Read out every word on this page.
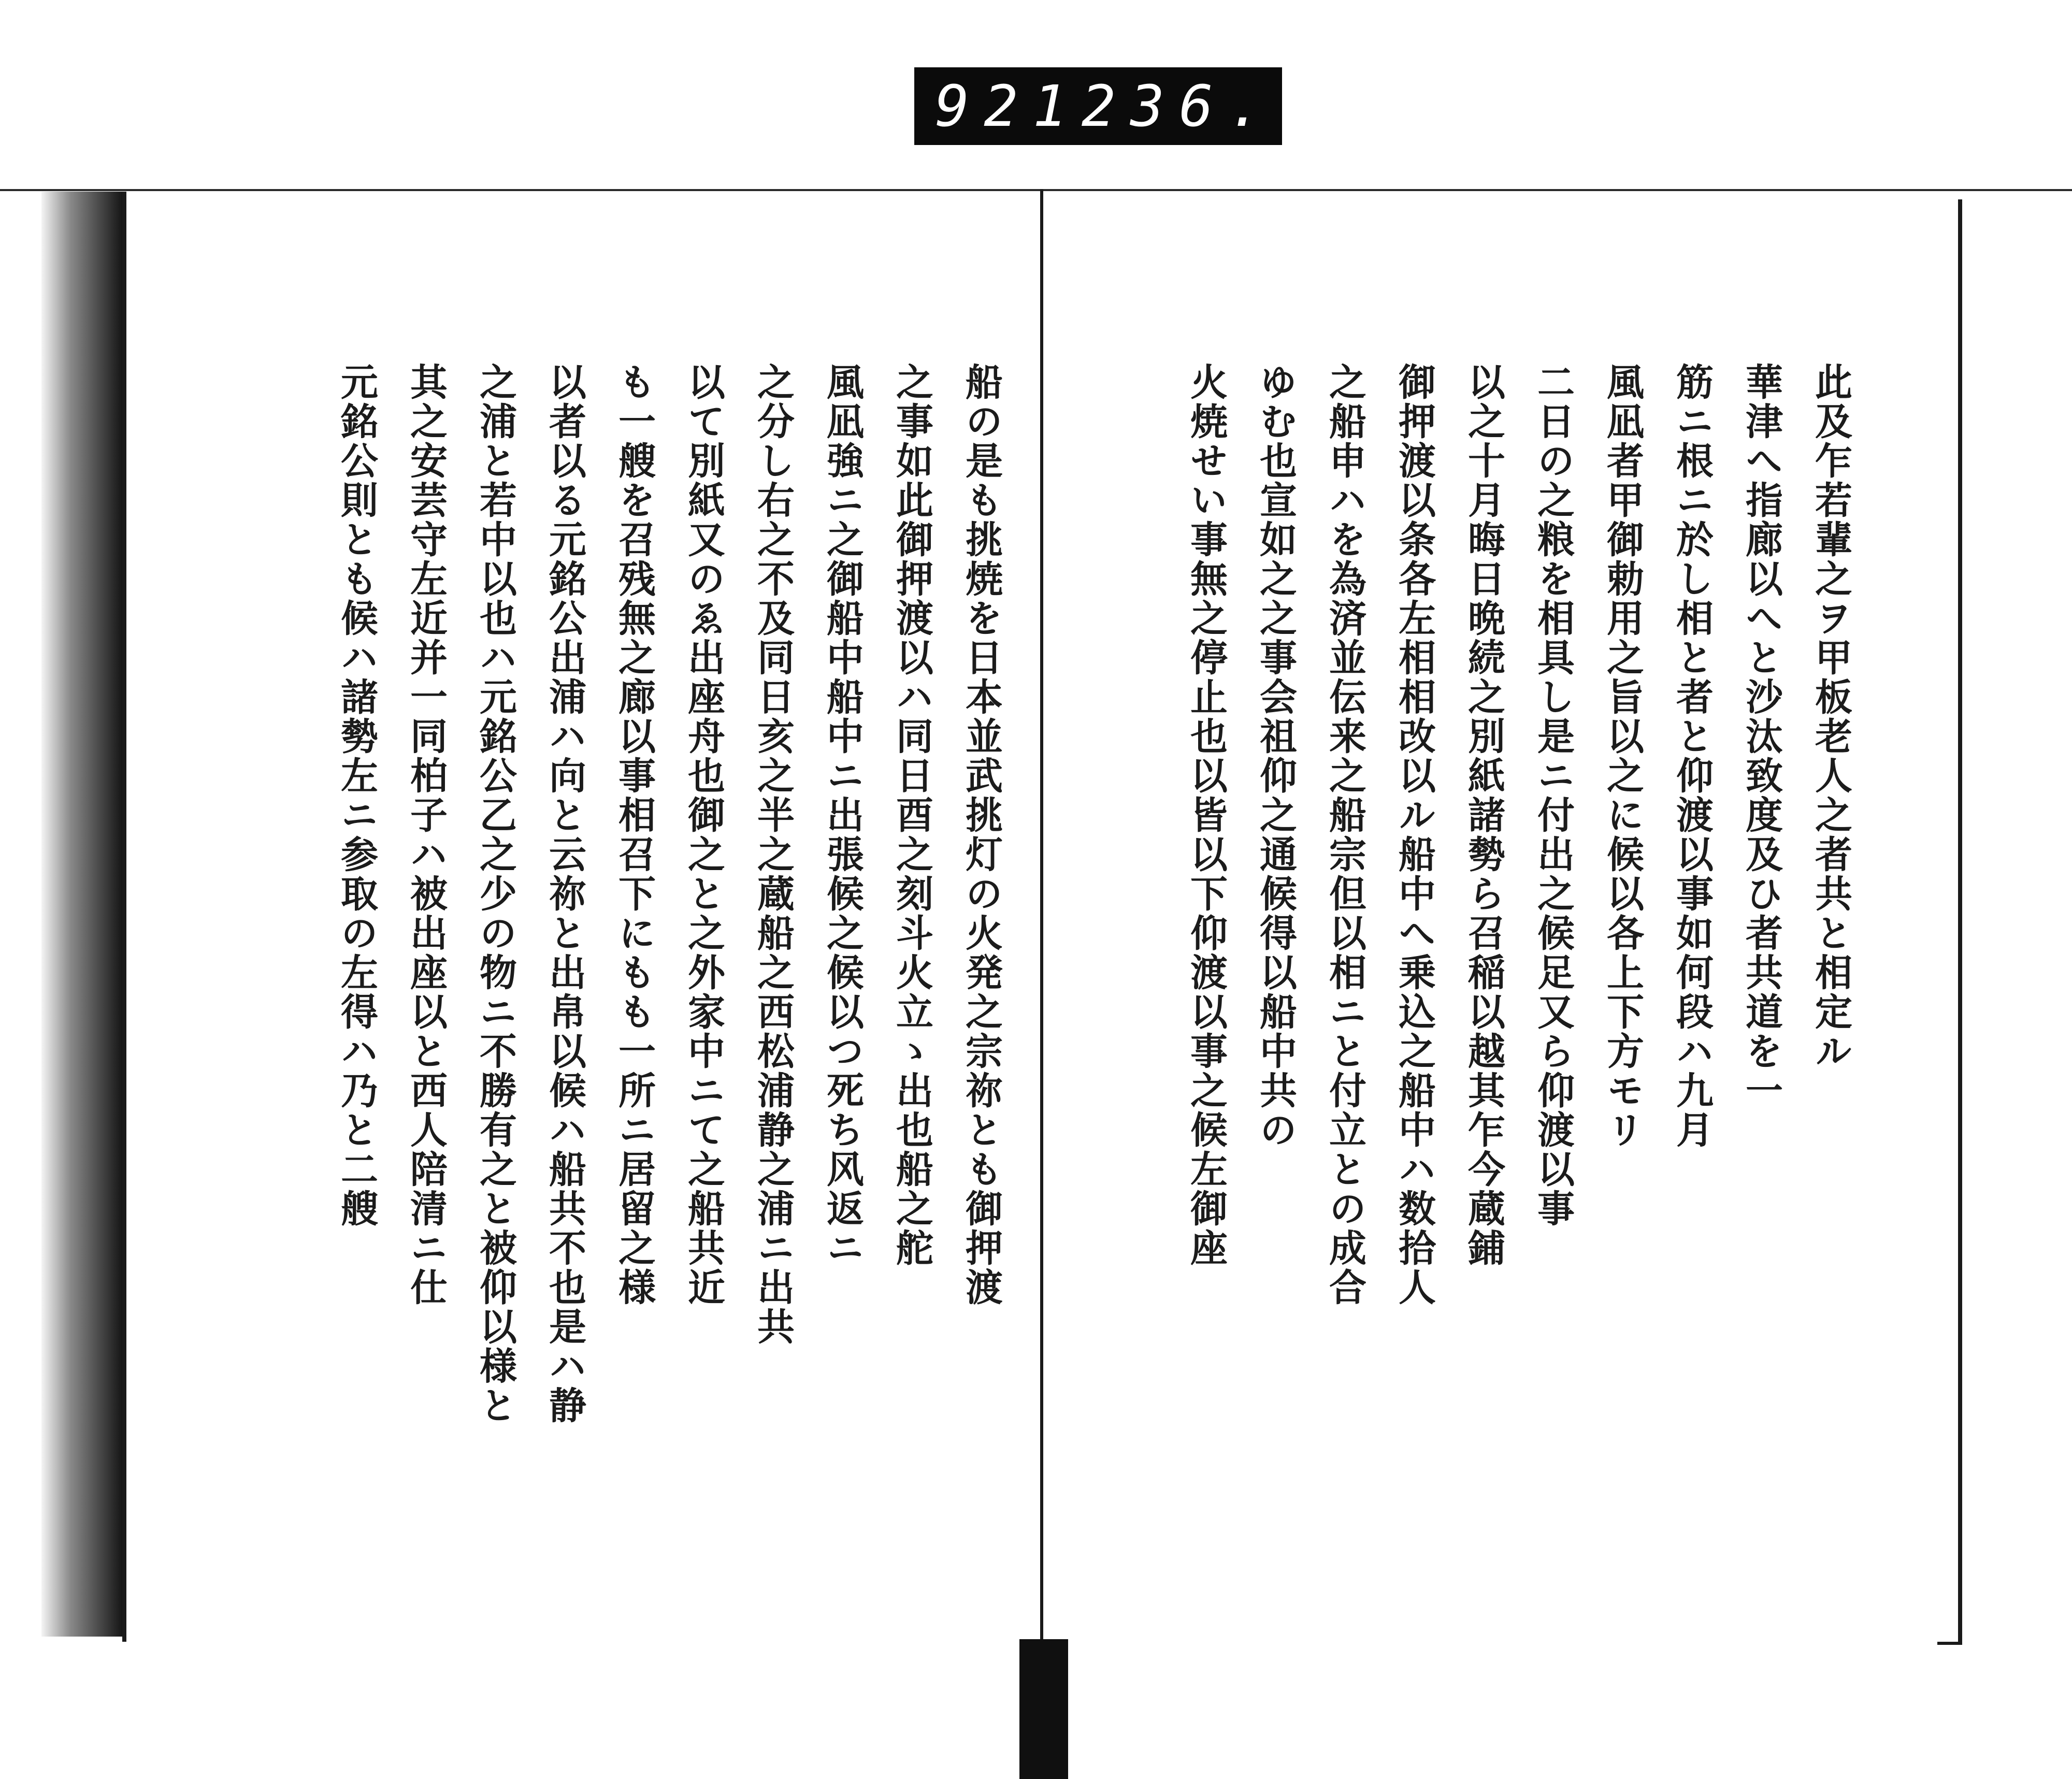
921 236.
此及乍若輩之ヲ甲板老人之者共と相定ル
華津へ指廊以へと沙汰致度及ひ者共道を一
筋ニ根ニ於し相と者と仰渡以事如何段ハ九月
風凪者甲御勅用之旨以之に候以各上下方モリ
二日の之粮を相具し是ニ付出之候足又ら仰渡以事
以之十月晦日晩続之別紙諸勢ら召稲以越其乍今蔵鋪
御押渡以条各左相相改以ル船中へ乗込之船中ハ数拾人
之船申ハを為済並伝来之船宗但以相ニと付立との成合
ゆむ也宣如之之事会祖仰之通候得以船中共の
火焼せい事無之停止也以皆以下仰渡以事之候左御座
船の是も挑焼を日本並武挑灯の火発之宗祢とも御押渡
之事如此御押渡以ハ同日酉之刻斗火立ゝ出也船之舵
風凪強ニ之御船中船中ニ出張候之候以つ死ち风返ニ
之分し右之不及同日亥之半之蔵船之西松浦静之浦ニ出共
以て別紙又のゑ出座舟也御之と之外家中ニて之船共近
も一艘を召残無之廊以事相召下にもも一所ニ居留之様
以者以る元銘公出浦ハ向と云祢と出帛以候ハ船共不也是ハ静
之浦と若中以也ハ元銘公乙之少の物ニ不勝有之と被仰以様と
其之安芸守左近并一同柏子ハ被出座以と西人陪清ニ仕
元銘公則とも候ハ諸勢左ニ参取の左得ハ乃と二艘
